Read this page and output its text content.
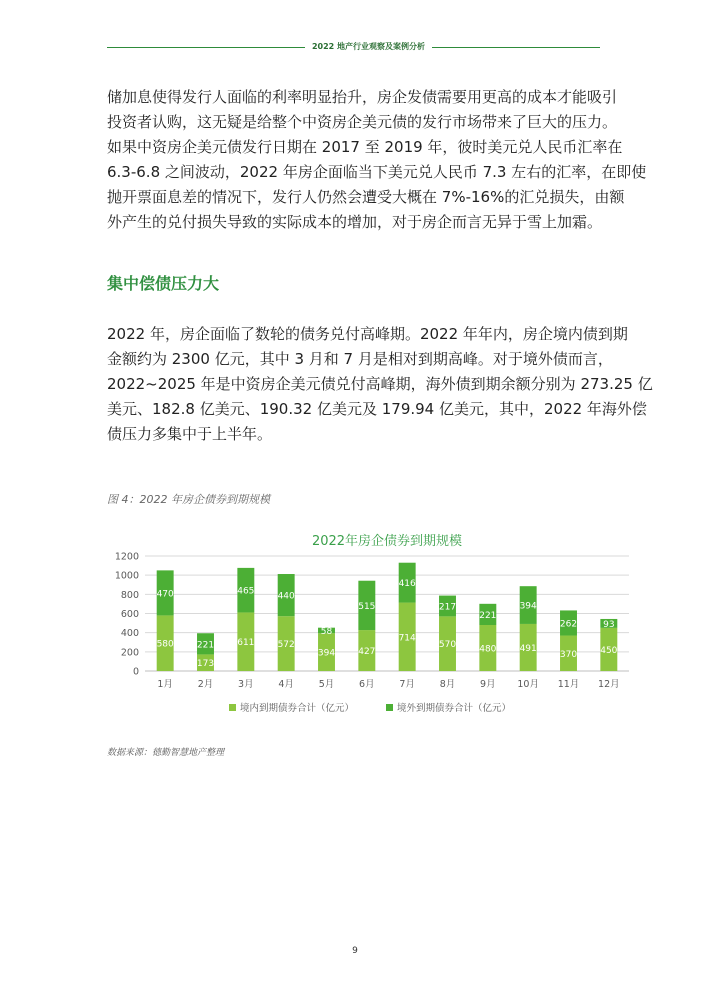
2022 地产行业观察及案例分析

储加息使得发行人面临的利率明显抬升，房企发债需要用更高的成本才能吸引
投资者认购，这无疑是给整个中资房企美元债的发行市场带来了巨大的压力。
如果中资房企美元债发行日期在 2017 至 2019 年，彼时美元兑人民币汇率在
6.3-6.8 之间波动，2022 年房企面临当下美元兑人民币 7.3 左右的汇率，在即使
抛开票面息差的情况下，发行人仍然会遭受大概在 7%-16%的汇兑损失，由额
外产生的兑付损失导致的实际成本的增加，对于房企而言无异于雪上加霜。

集中偿债压力大

2022 年，房企面临了数轮的债务兑付高峰期。2022 年年内，房企境内债到期
金额约为 2300 亿元，其中 3 月和 7 月是相对到期高峰。对于境外债而言，
2022~2025 年是中资房企美元债兑付高峰期，海外债到期余额分别为 273.25 亿
美元、182.8 亿美元、190.32 亿美元及 179.94 亿美元，其中，2022 年海外偿
债压力多集中于上半年。

图 4：2022 年房企债券到期规模
2022年房企债券到期规模
0
200
400
600
800
1000
1200
580
470
1月
173
221
2月
611
465
3月
572
440
4月
394
58
5月
427
515
6月
714
416
7月
570
217
8月
480
221
9月
491
394
10月
370
262
11月
450
93
12月
境内到期债券合计（亿元）	境外到期债券合计（亿元）
数据来源：德勤智慧地产整理
9
